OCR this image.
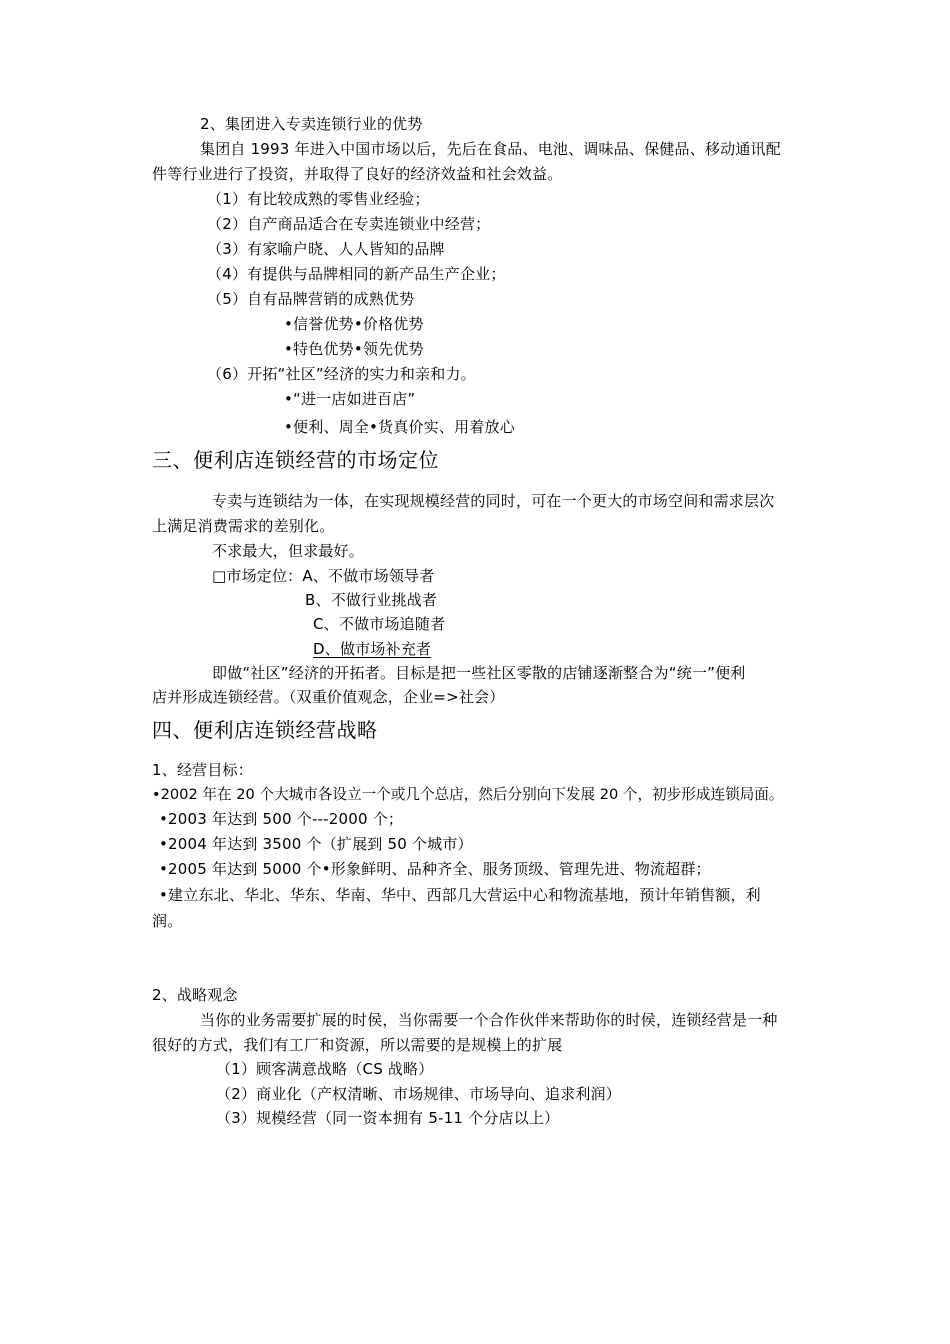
2、集团进入专卖连锁行业的优势
集团自 1993 年进入中国市场以后，先后在食品、电池、调味品、保健品、移动通讯配
件等行业进行了投资，并取得了良好的经济效益和社会效益。
（1）有比较成熟的零售业经验；
（2）自产商品适合在专卖连锁业中经营；
（3）有家喻户晓、人人皆知的品牌
（4）有提供与品牌相同的新产品生产企业；
（5）自有品牌营销的成熟优势
•信誉优势•价格优势
•特色优势•领先优势
（6）开拓“社区”经济的实力和亲和力。
•“进一店如进百店”
•便利、周全•货真价实、用着放心
三、便利店连锁经营的市场定位
专卖与连锁结为一体，在实现规模经营的同时，可在一个更大的市场空间和需求层次
上满足消费需求的差别化。
不求最大，但求最好。
□市场定位：A、不做市场领导者
B、不做行业挑战者
C、不做市场追随者
D、做市场补充者
即做“社区”经济的开拓者。目标是把一些社区零散的店铺逐渐整合为“统一”便利
店并形成连锁经营。（双重价值观念，企业=>社会）
四、便利店连锁经营战略
1、经营目标：
•2002 年在 20 个大城市各设立一个或几个总店，然后分别向下发展 20 个，初步形成连锁局面。
•2003 年达到 500 个---2000 个；
•2004 年达到 3500 个（扩展到 50 个城市）
•2005 年达到 5000 个•形象鲜明、品种齐全、服务顶级、管理先进、物流超群；
•建立东北、华北、华东、华南、华中、西部几大营运中心和物流基地，预计年销售额，利
润。
2、战略观念
当你的业务需要扩展的时侯，当你需要一个合作伙伴来帮助你的时侯，连锁经营是一种
很好的方式，我们有工厂和资源，所以需要的是规模上的扩展
（1）顾客满意战略（CS 战略）
（2）商业化（产权清晰、市场规律、市场导向、追求利润）
（3）规模经营（同一资本拥有 5-11 个分店以上）
